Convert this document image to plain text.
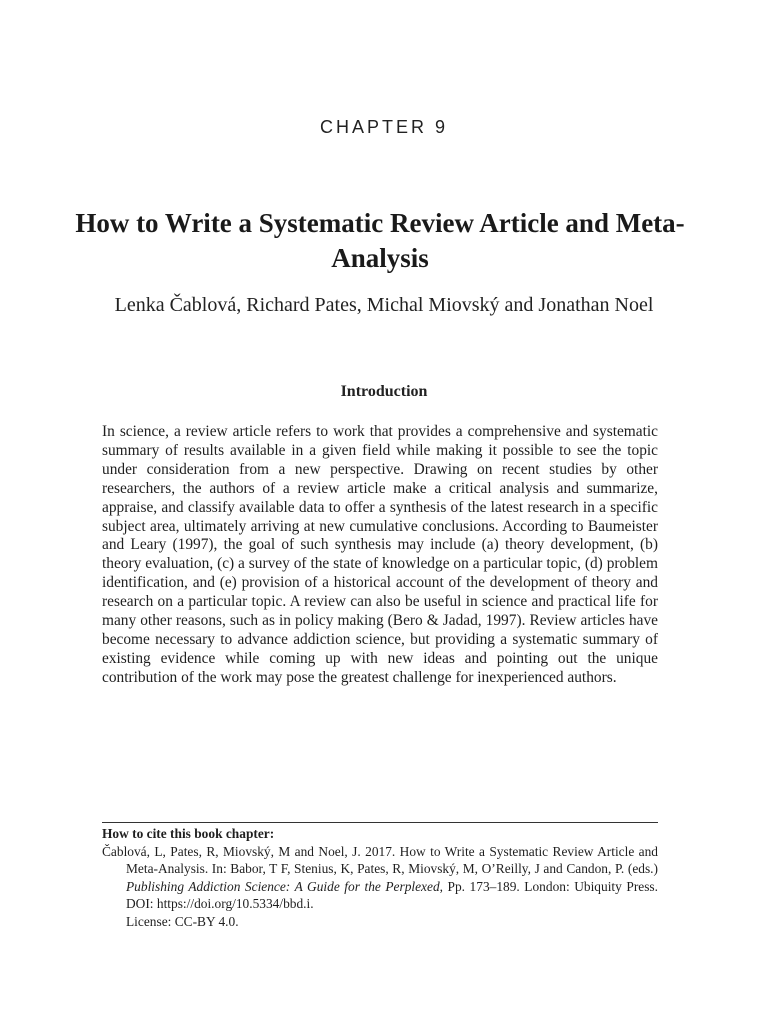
CHAPTER 9
How to Write a Systematic Review Article and Meta-Analysis
Lenka Čablová, Richard Pates, Michal Miovský and Jonathan Noel
Introduction

In science, a review article refers to work that provides a comprehensive and systematic summary of results available in a given field while making it possible to see the topic under consideration from a new perspective. Drawing on recent studies by other researchers, the authors of a review article make a critical analysis and summarize, appraise, and classify available data to offer a synthesis of the latest research in a specific subject area, ultimately arriving at new cumulative conclusions. According to Baumeister and Leary (1997), the goal of such synthesis may include (a) theory development, (b) theory evaluation, (c) a survey of the state of knowledge on a particular topic, (d) problem identification, and (e) provision of a historical account of the development of theory and research on a particular topic. A review can also be useful in science and practical life for many other reasons, such as in policy making (Bero & Jadad, 1997). Review articles have become necessary to advance addiction science, but providing a systematic summary of existing evidence while coming up with new ideas and pointing out the unique contribution of the work may pose the greatest challenge for inexperienced authors.

How to cite this book chapter:
Čablová, L, Pates, R, Miovský, M and Noel, J. 2017. How to Write a Systematic Review Article and Meta-Analysis. In: Babor, T F, Stenius, K, Pates, R, Miovský, M, O’Reilly, J and Candon, P. (eds.) Publishing Addiction Science: A Guide for the Perplexed, Pp. 173–189. London: Ubiquity Press. DOI: https://doi.org/10.5334/bbd.i.
License: CC-BY 4.0.
